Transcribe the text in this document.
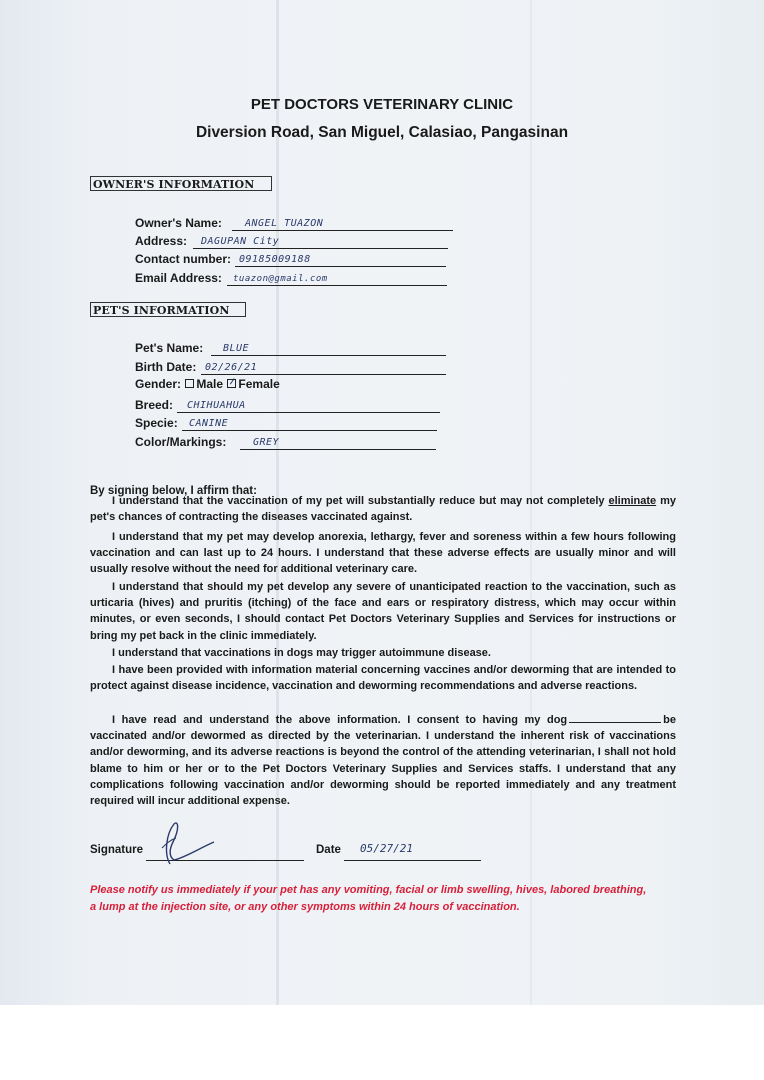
PET DOCTORS VETERINARY CLINIC
Diversion Road, San Miguel, Calasiao, Pangasinan
OWNER'S INFORMATION
Owner's Name: ANGEL TUAZON
Address: DAGUPAN City
Contact number: 09185009188
Email Address: tuazon@gmail.com
PET'S INFORMATION
Pet's Name: BLUE
Birth Date: 02/26/21
Gender: Male Female
Breed: CHIHUAHUA
Specie: CANINE
Color/Markings:	GREY
By signing below, I affirm that:
I understand that the vaccination of my pet will substantially reduce but may not completely eliminate my pet's chances of contracting the diseases vaccinated against.
I understand that my pet may develop anorexia, lethargy, fever and soreness within a few hours following vaccination and can last up to 24 hours. I understand that these adverse effects are usually minor and will usually resolve without the need for additional veterinary care.
I understand that should my pet develop any severe of unanticipated reaction to the vaccination, such as urticaria (hives) and pruritis (itching) of the face and ears or respiratory distress, which may occur within minutes, or even seconds, I should contact Pet Doctors Veterinary Supplies and Services for instructions or bring my pet back in the clinic immediately.
I understand that vaccinations in dogs may trigger autoimmune disease.
I have been provided with information material concerning vaccines and/or deworming that are intended to protect against disease incidence, vaccination and deworming recommendations and adverse reactions.
I have read and understand the above information. I consent to having my dog	be vaccinated and/or dewormed as directed by the veterinarian. I understand the inherent risk of vaccinations and/or deworming, and its adverse reactions is beyond the control of the attending veterinarian, I shall not hold blame to him or her or to the Pet Doctors Veterinary Supplies and Services staffs. I understand that any complications following vaccination and/or deworming should be reported immediately and any treatment required will incur additional expense.
Signature	Date 05/27/21
Please notify us immediately if your pet has any vomiting, facial or limb swelling, hives, labored breathing, a lump at the injection site, or any other symptoms within 24 hours of vaccination.
